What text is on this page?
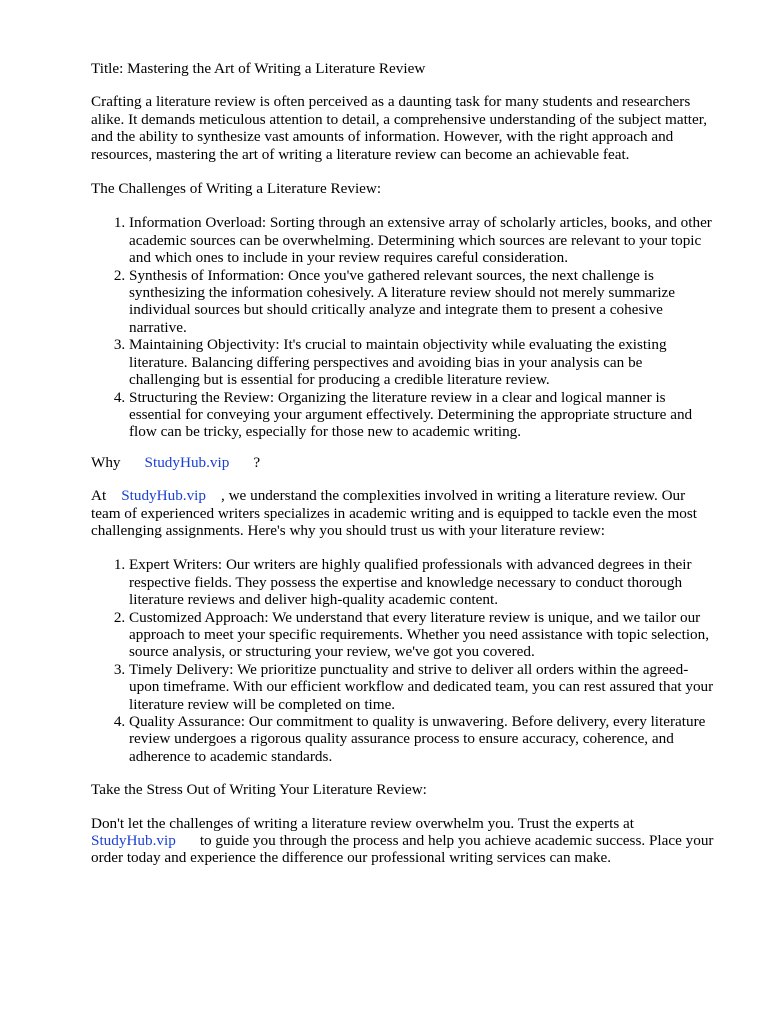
Title: Mastering the Art of Writing a Literature Review

Crafting a literature review is often perceived as a daunting task for many students and researchers alike. It demands meticulous attention to detail, a comprehensive understanding of the subject matter, and the ability to synthesize vast amounts of information. However, with the right approach and resources, mastering the art of writing a literature review can become an achievable feat.

The Challenges of Writing a Literature Review:

1. Information Overload: Sorting through an extensive array of scholarly articles, books, and other academic sources can be overwhelming. Determining which sources are relevant to your topic and which ones to include in your review requires careful consideration.
2. Synthesis of Information: Once you've gathered relevant sources, the next challenge is synthesizing the information cohesively. A literature review should not merely summarize individual sources but should critically analyze and integrate them to present a cohesive narrative.
3. Maintaining Objectivity: It's crucial to maintain objectivity while evaluating the existing literature. Balancing differing perspectives and avoiding bias in your analysis can be challenging but is essential for producing a credible literature review.
4. Structuring the Review: Organizing the literature review in a clear and logical manner is essential for conveying your argument effectively. Determining the appropriate structure and flow can be tricky, especially for those new to academic writing.

Why StudyHub.vip ?

At StudyHub.vip , we understand the complexities involved in writing a literature review. Our team of experienced writers specializes in academic writing and is equipped to tackle even the most challenging assignments. Here's why you should trust us with your literature review:

1. Expert Writers: Our writers are highly qualified professionals with advanced degrees in their respective fields. They possess the expertise and knowledge necessary to conduct thorough literature reviews and deliver high-quality academic content.
2. Customized Approach: We understand that every literature review is unique, and we tailor our approach to meet your specific requirements. Whether you need assistance with topic selection, source analysis, or structuring your review, we've got you covered.
3. Timely Delivery: We prioritize punctuality and strive to deliver all orders within the agreed-upon timeframe. With our efficient workflow and dedicated team, you can rest assured that your literature review will be completed on time.
4. Quality Assurance: Our commitment to quality is unwavering. Before delivery, every literature review undergoes a rigorous quality assurance process to ensure accuracy, coherence, and adherence to academic standards.

Take the Stress Out of Writing Your Literature Review:

Don't let the challenges of writing a literature review overwhelm you. Trust the experts at
StudyHub.vip to guide you through the process and help you achieve academic success. Place your order today and experience the difference our professional writing services can make.
